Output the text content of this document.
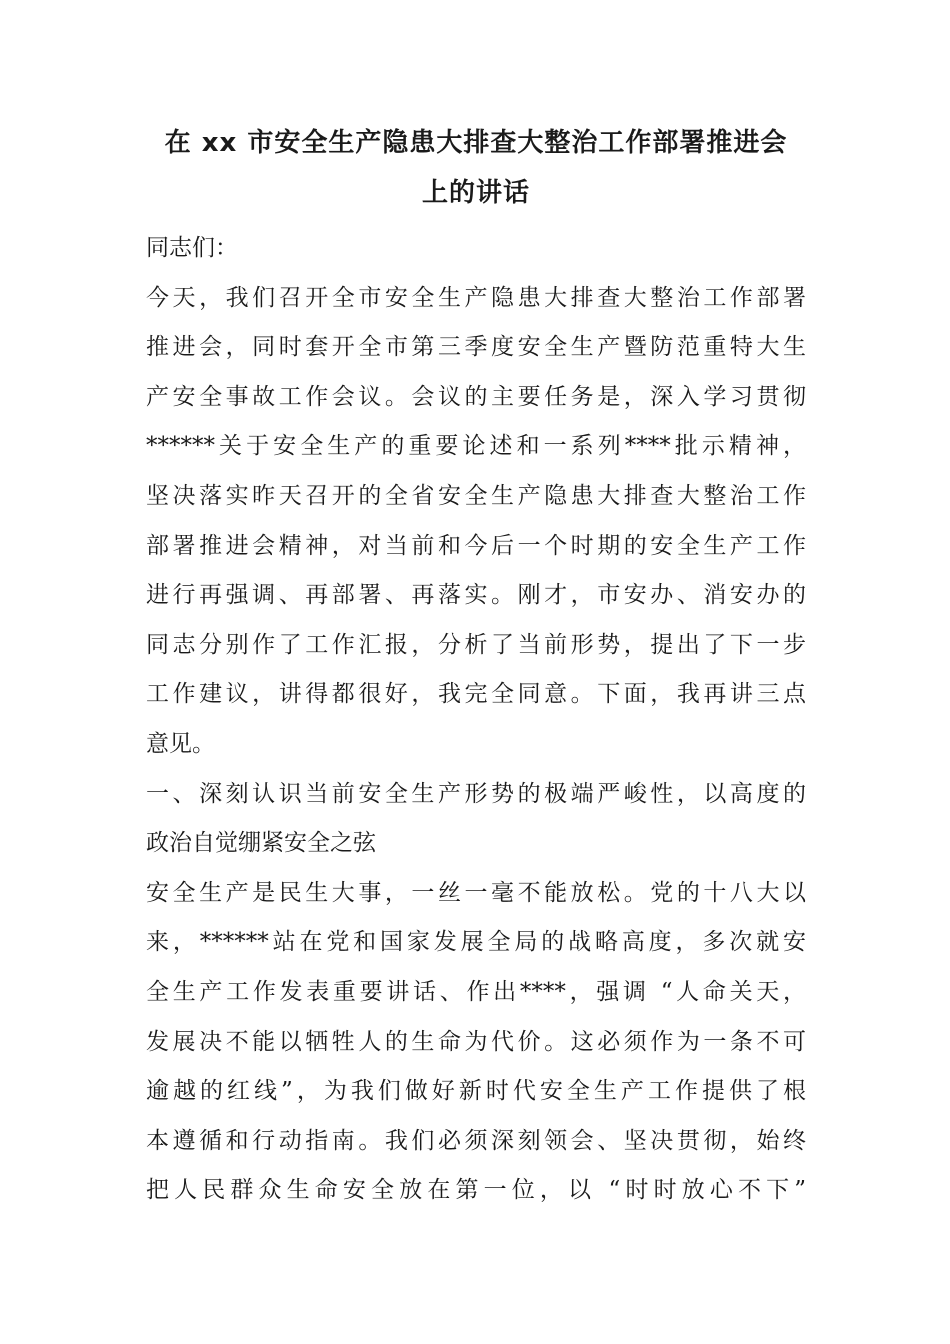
在 xx 市安全生产隐患大排查大整治工作部署推进会
上的讲话
同志们：
今天，我们召开全市安全生产隐患大排查大整治工作部署
推进会，同时套开全市第三季度安全生产暨防范重特大生
产安全事故工作会议。会议的主要任务是，深入学习贯彻
******关于安全生产的重要论述和一系列****批示精神，
坚决落实昨天召开的全省安全生产隐患大排查大整治工作
部署推进会精神，对当前和今后一个时期的安全生产工作
进行再强调、再部署、再落实。刚才，市安办、消安办的
同志分别作了工作汇报，分析了当前形势，提出了下一步
工作建议，讲得都很好，我完全同意。下面，我再讲三点
意见。
一、深刻认识当前安全生产形势的极端严峻性，以高度的
政治自觉绷紧安全之弦
安全生产是民生大事，一丝一毫不能放松。党的十八大以
来，******站在党和国家发展全局的战略高度，多次就安
全生产工作发表重要讲话、作出****，强调 “人命关天，
发展决不能以牺牲人的生命为代价。这必须作为一条不可
逾越的红线”，为我们做好新时代安全生产工作提供了根
本遵循和行动指南。我们必须深刻领会、坚决贯彻，始终
把人民群众生命安全放在第一位，以 “时时放心不下”
